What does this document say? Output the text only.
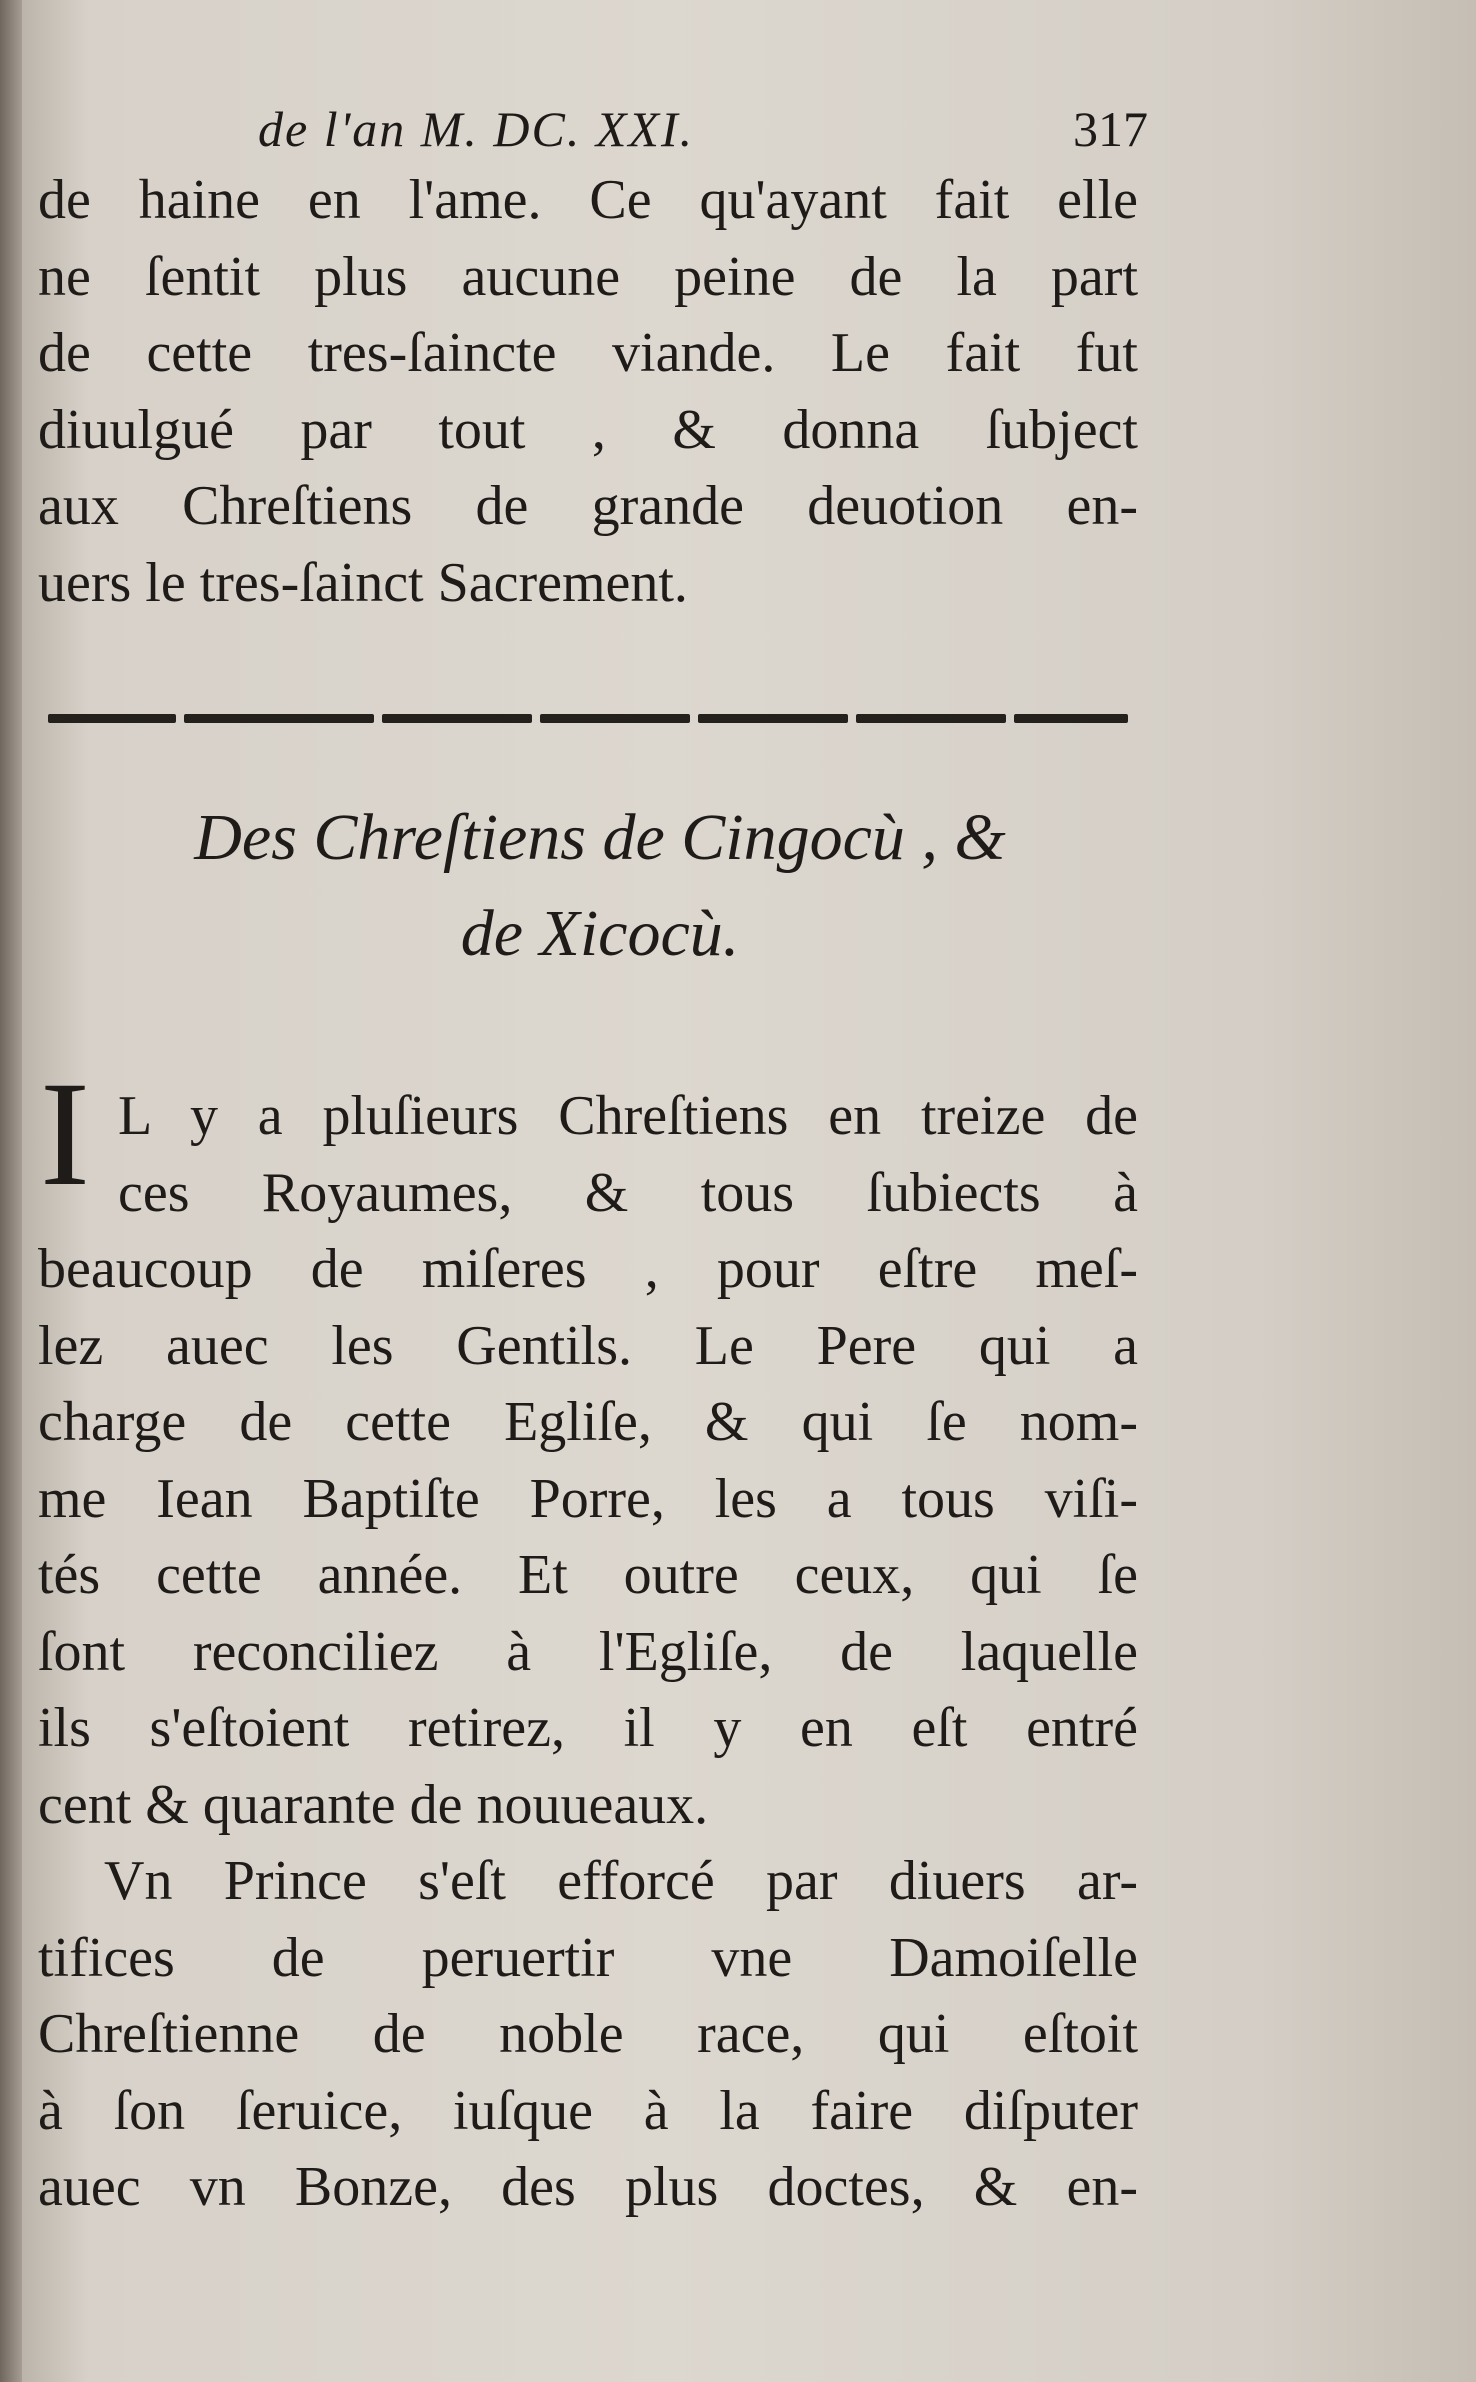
de l'an M. DC. XXI.	317
de haine en l'ame. Ce qu'ayant fait elle
ne ſentit plus aucune peine de la part
de cette tres-ſaincte viande. Le fait fut
diuulgué par tout , & donna ſubject
aux Chreſtiens de grande deuotion en-
uers le tres-ſainct Sacrement.
Des Chreſtiens de Cingocù , &
de Xicocù.
I L y a pluſieurs Chreſtiens en treize de
ces Royaumes, & tous ſubiects à
beaucoup de miſeres , pour eſtre meſ-
lez auec les Gentils. Le Pere qui a
charge de cette Egliſe, & qui ſe nom-
me Iean Baptiſte Porre, les a tous viſi-
tés cette année. Et outre ceux, qui ſe
ſont reconciliez à l'Egliſe, de laquelle
ils s'eſtoient retirez, il y en eſt entré
cent & quarante de nouueaux.
Vn Prince s'eſt efforcé par diuers ar-
tifices de peruertir vne Damoiſelle
Chreſtienne de noble race, qui eſtoit
à ſon ſeruice, iuſque à la faire diſputer
auec vn Bonze, des plus doctes, & en-
